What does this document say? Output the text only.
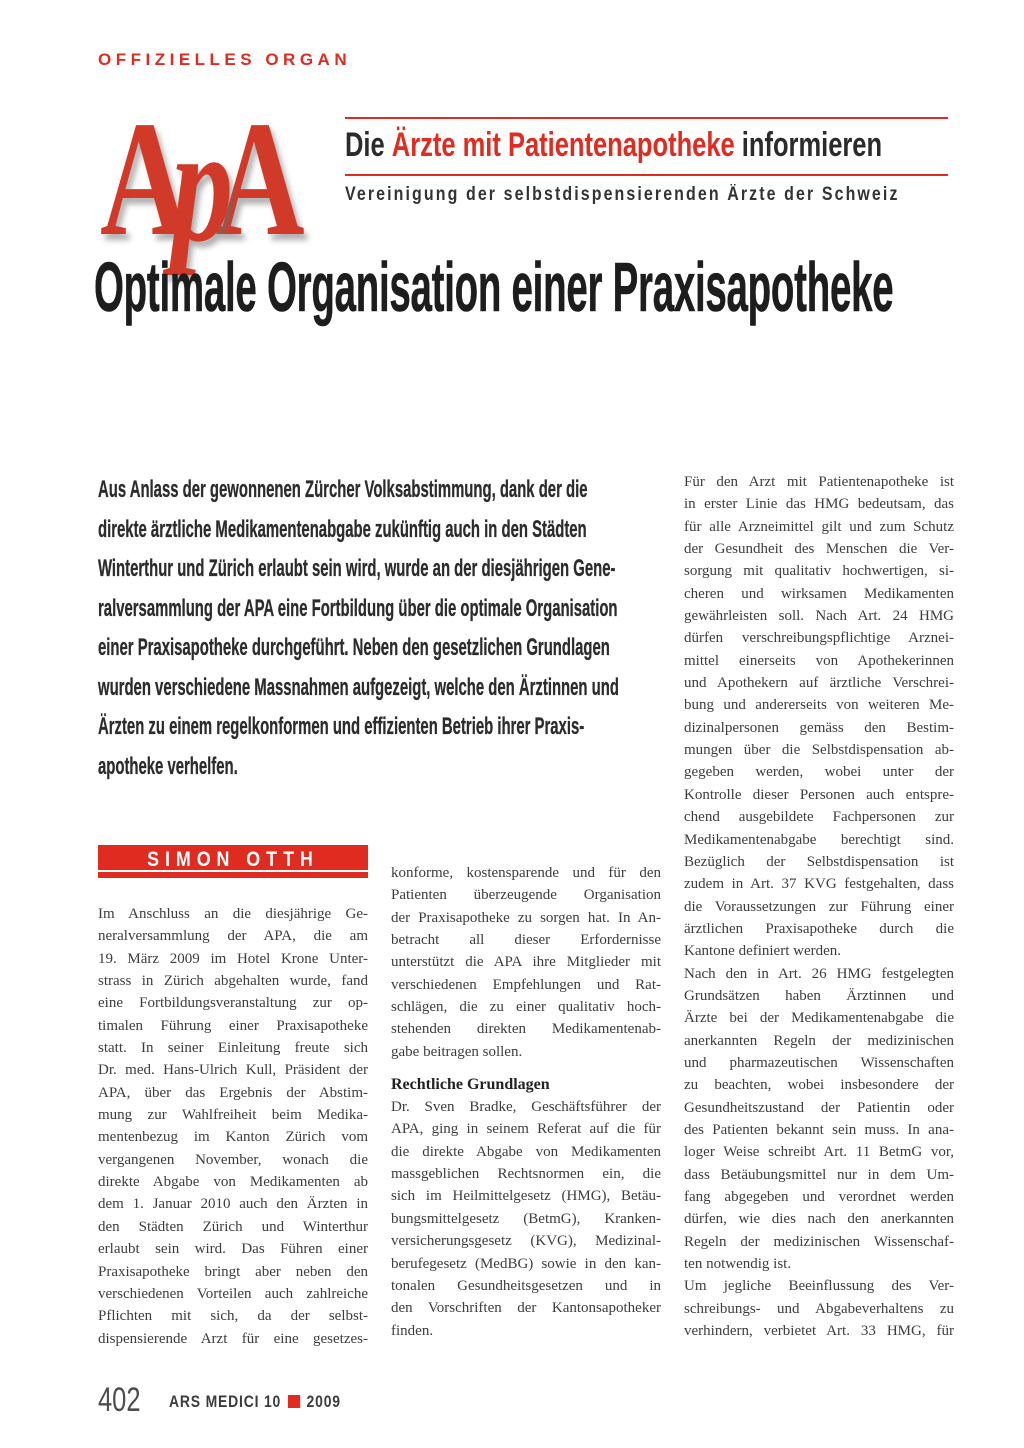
OFFIZIELLES ORGAN
ApA Die Ärzte mit Patientenapotheke informieren
Vereinigung der selbstdispensierenden Ärzte der Schweiz
Optimale Organisation einer Praxisapotheke
Aus Anlass der gewonnenen Zürcher Volksabstimmung, dank der die
direkte ärztliche Medikamentenabgabe zukünftig auch in den Städten
Winterthur und Zürich erlaubt sein wird, wurde an der diesjährigen Gene-
ralversammlung der APA eine Fortbildung über die optimale Organisation
einer Praxisapotheke durchgeführt. Neben den gesetzlichen Grundlagen
wurden verschiedene Massnahmen aufgezeigt, welche den Ärztinnen und
Ärzten zu einem regelkonformen und effizienten Betrieb ihrer Praxis-
apotheke verhelfen.
SIMON OTTH
Im Anschluss an die diesjährige Ge-
neralversammlung der APA, die am
19. März 2009 im Hotel Krone Unter-
strass in Zürich abgehalten wurde, fand
eine Fortbildungsveranstaltung zur op-
timalen Führung einer Praxisapotheke
statt. In seiner Einleitung freute sich
Dr. med. Hans-Ulrich Kull, Präsident der
APA, über das Ergebnis der Abstim-
mung zur Wahlfreiheit beim Medika-
mentenbezug im Kanton Zürich vom
vergangenen November, wonach die
direkte Abgabe von Medikamenten ab
dem 1. Januar 2010 auch den Ärzten in
den Städten Zürich und Winterthur
erlaubt sein wird. Das Führen einer
Praxisapotheke bringt aber neben den
verschiedenen Vorteilen auch zahlreiche
Pflichten mit sich, da der selbst-
dispensierende Arzt für eine gesetzes-
konforme, kostensparende und für den
Patienten überzeugende Organisation
der Praxisapotheke zu sorgen hat. In An-
betracht all dieser Erfordernisse
unterstützt die APA ihre Mitglieder mit
verschiedenen Empfehlungen und Rat-
schlägen, die zu einer qualitativ hoch-
stehenden direkten Medikamentenab-
gabe beitragen sollen.
Rechtliche Grundlagen
Dr. Sven Bradke, Geschäftsführer der
APA, ging in seinem Referat auf die für
die direkte Abgabe von Medikamenten
massgeblichen Rechtsnormen ein, die
sich im Heilmittelgesetz (HMG), Betäu-
bungsmittelgesetz (BetmG), Kranken-
versicherungsgesetz (KVG), Medizinal-
berufegesetz (MedBG) sowie in den kan-
tonalen Gesundheitsgesetzen und in
den Vorschriften der Kantonsapotheker
finden.
Für den Arzt mit Patientenapotheke ist
in erster Linie das HMG bedeutsam, das
für alle Arzneimittel gilt und zum Schutz
der Gesundheit des Menschen die Ver-
sorgung mit qualitativ hochwertigen, si-
cheren und wirksamen Medikamenten
gewährleisten soll. Nach Art. 24 HMG
dürfen verschreibungspflichtige Arznei-
mittel einerseits von Apothekerinnen
und Apothekern auf ärztliche Verschrei-
bung und andererseits von weiteren Me-
dizinalpersonen gemäss den Bestim-
mungen über die Selbstdispensation ab-
gegeben werden, wobei unter der
Kontrolle dieser Personen auch entspre-
chend ausgebildete Fachpersonen zur
Medikamentenabgabe berechtigt sind.
Bezüglich der Selbstdispensation ist
zudem in Art. 37 KVG festgehalten, dass
die Voraussetzungen zur Führung einer
ärztlichen Praxisapotheke durch die
Kantone definiert werden.
Nach den in Art. 26 HMG festgelegten
Grundsätzen haben Ärztinnen und
Ärzte bei der Medikamentenabgabe die
anerkannten Regeln der medizinischen
und pharmazeutischen Wissenschaften
zu beachten, wobei insbesondere der
Gesundheitszustand der Patientin oder
des Patienten bekannt sein muss. In ana-
loger Weise schreibt Art. 11 BetmG vor,
dass Betäubungsmittel nur in dem Um-
fang abgegeben und verordnet werden
dürfen, wie dies nach den anerkannten
Regeln der medizinischen Wissenschaf-
ten notwendig ist.
Um jegliche Beeinflussung des Ver-
schreibungs- und Abgabeverhaltens zu
verhindern, verbietet Art. 33 HMG, für
402 ARS MEDICI 10 2009
